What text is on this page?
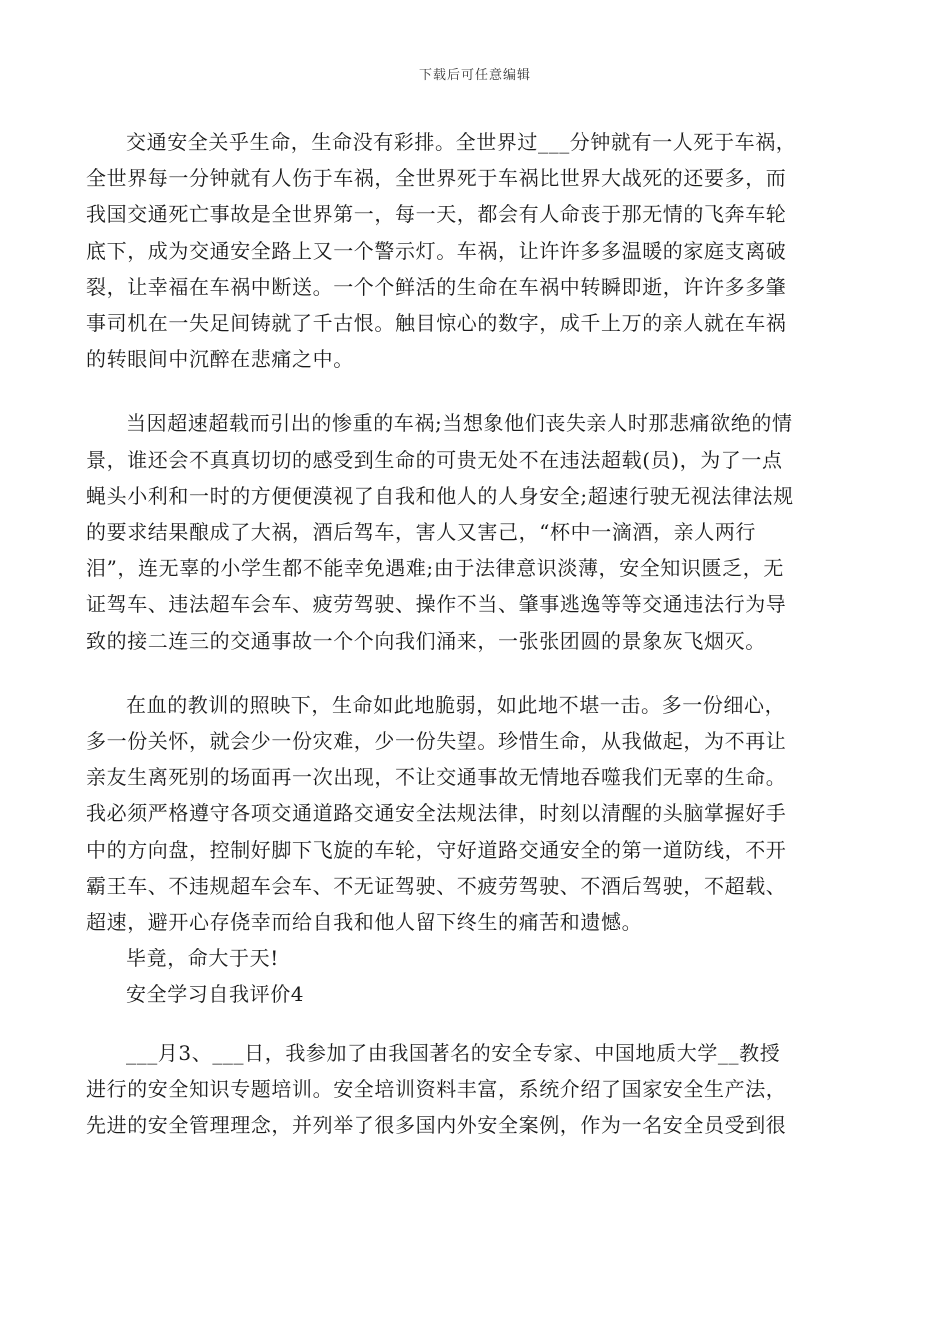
下载后可任意编辑

交通安全关乎生命，生命没有彩排。全世界过___分钟就有一人死于车祸，
全世界每一分钟就有人伤于车祸，全世界死于车祸比世界大战死的还要多，而
我国交通死亡事故是全世界第一，每一天，都会有人命丧于那无情的飞奔车轮
底下，成为交通安全路上又一个警示灯。车祸，让许许多多温暖的家庭支离破
裂，让幸福在车祸中断送。一个个鲜活的生命在车祸中转瞬即逝，许许多多肇
事司机在一失足间铸就了千古恨。触目惊心的数字，成千上万的亲人就在车祸
的转眼间中沉醉在悲痛之中。

当因超速超载而引出的惨重的车祸;当想象他们丧失亲人时那悲痛欲绝的情
景，谁还会不真真切切的感受到生命的可贵无处不在违法超载(员)，为了一点
蝇头小利和一时的方便便漠视了自我和他人的人身安全;超速行驶无视法律法规
的要求结果酿成了大祸，酒后驾车，害人又害己，“杯中一滴酒，亲人两行
泪”，连无辜的小学生都不能幸免遇难;由于法律意识淡薄，安全知识匮乏，无
证驾车、违法超车会车、疲劳驾驶、操作不当、肇事逃逸等等交通违法行为导
致的接二连三的交通事故一个个向我们涌来，一张张团圆的景象灰飞烟灭。

在血的教训的照映下，生命如此地脆弱，如此地不堪一击。多一份细心，
多一份关怀，就会少一份灾难，少一份失望。珍惜生命，从我做起，为不再让
亲友生离死别的场面再一次出现，不让交通事故无情地吞噬我们无辜的生命。
我必须严格遵守各项交通道路交通安全法规法律，时刻以清醒的头脑掌握好手
中的方向盘，控制好脚下飞旋的车轮，守好道路交通安全的第一道防线，不开
霸王车、不违规超车会车、不无证驾驶、不疲劳驾驶、不酒后驾驶，不超载、
超速，避开心存侥幸而给自我和他人留下终生的痛苦和遗憾。

毕竟，命大于天!

安全学习自我评价4

___月3、___日，我参加了由我国著名的安全专家、中国地质大学__教授
进行的安全知识专题培训。安全培训资料丰富，系统介绍了国家安全生产法，
先进的安全管理理念，并列举了很多国内外安全案例，作为一名安全员受到很
